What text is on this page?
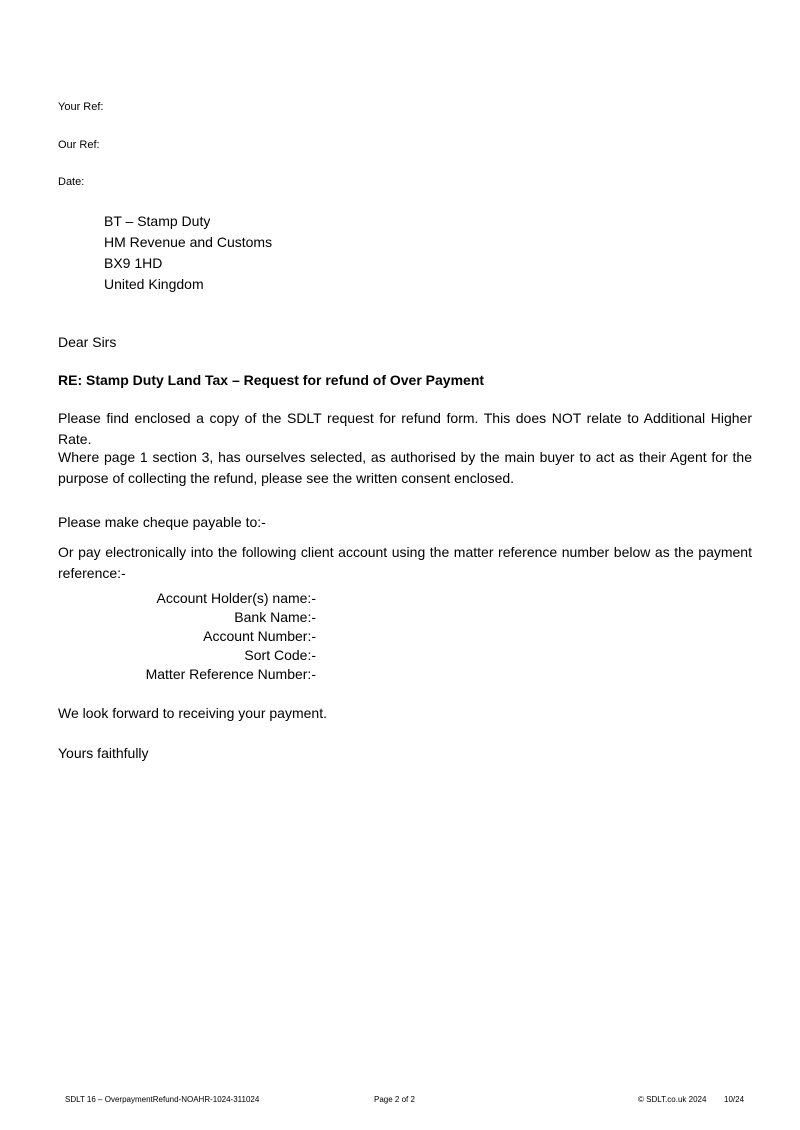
Your Ref:
Our Ref:
Date:
BT – Stamp Duty
HM Revenue and Customs
BX9 1HD
United Kingdom
Dear Sirs
RE: Stamp Duty Land Tax – Request for refund of Over Payment
Please find enclosed a copy of the SDLT request for refund form. This does NOT relate to Additional Higher Rate.
Where page 1 section 3, has ourselves selected, as authorised by the main buyer to act as their Agent for the purpose of collecting the refund, please see the written consent enclosed.
Please make cheque payable to:-
Or pay electronically into the following client account using the matter reference number below as the payment reference:-
Account Holder(s) name:-
Bank Name:-
Account Number:-
Sort Code:-
Matter Reference Number:-
We look forward to receiving your payment.
Yours faithfully
SDLT 16 – OverpaymentRefund-NOAHR-1024-311024	Page 2 of 2	© SDLT.co.uk 2024 10/24
